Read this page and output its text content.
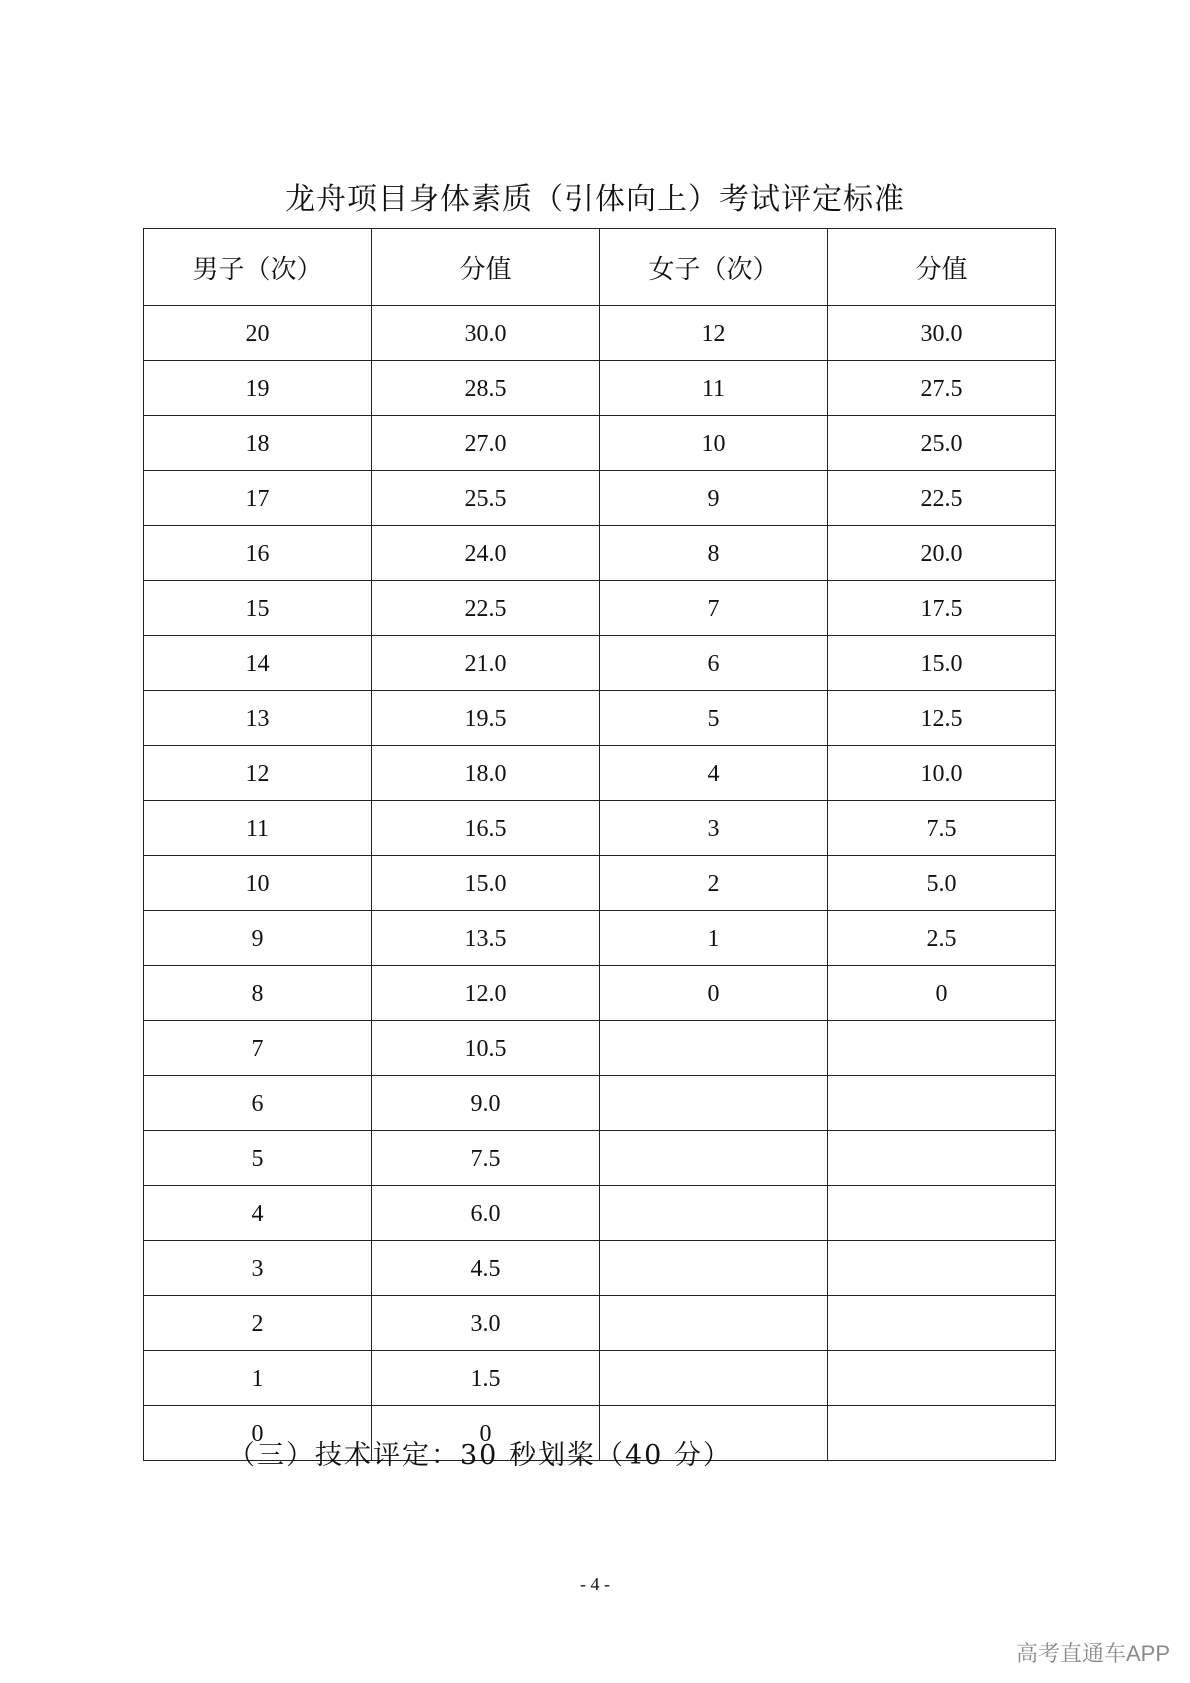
龙舟项目身体素质（引体向上）考试评定标准
男子（次）	分值	女子（次）	分值
20	30.0	12	30.0
19	28.5	11	27.5
18	27.0	10	25.0
17	25.5	9	22.5
16	24.0	8	20.0
15	22.5	7	17.5
14	21.0	6	15.0
13	19.5	5	12.5
12	18.0	4	10.0
11	16.5	3	7.5
10	15.0	2	5.0
9	13.5	1	2.5
8	12.0	0	0
7	10.5		
6	9.0		
5	7.5		
4	6.0		
3	4.5		
2	3.0		
1	1.5		
0	0		
（三）技术评定：30 秒划桨（40 分）
- 4 -
高考直通车APP
